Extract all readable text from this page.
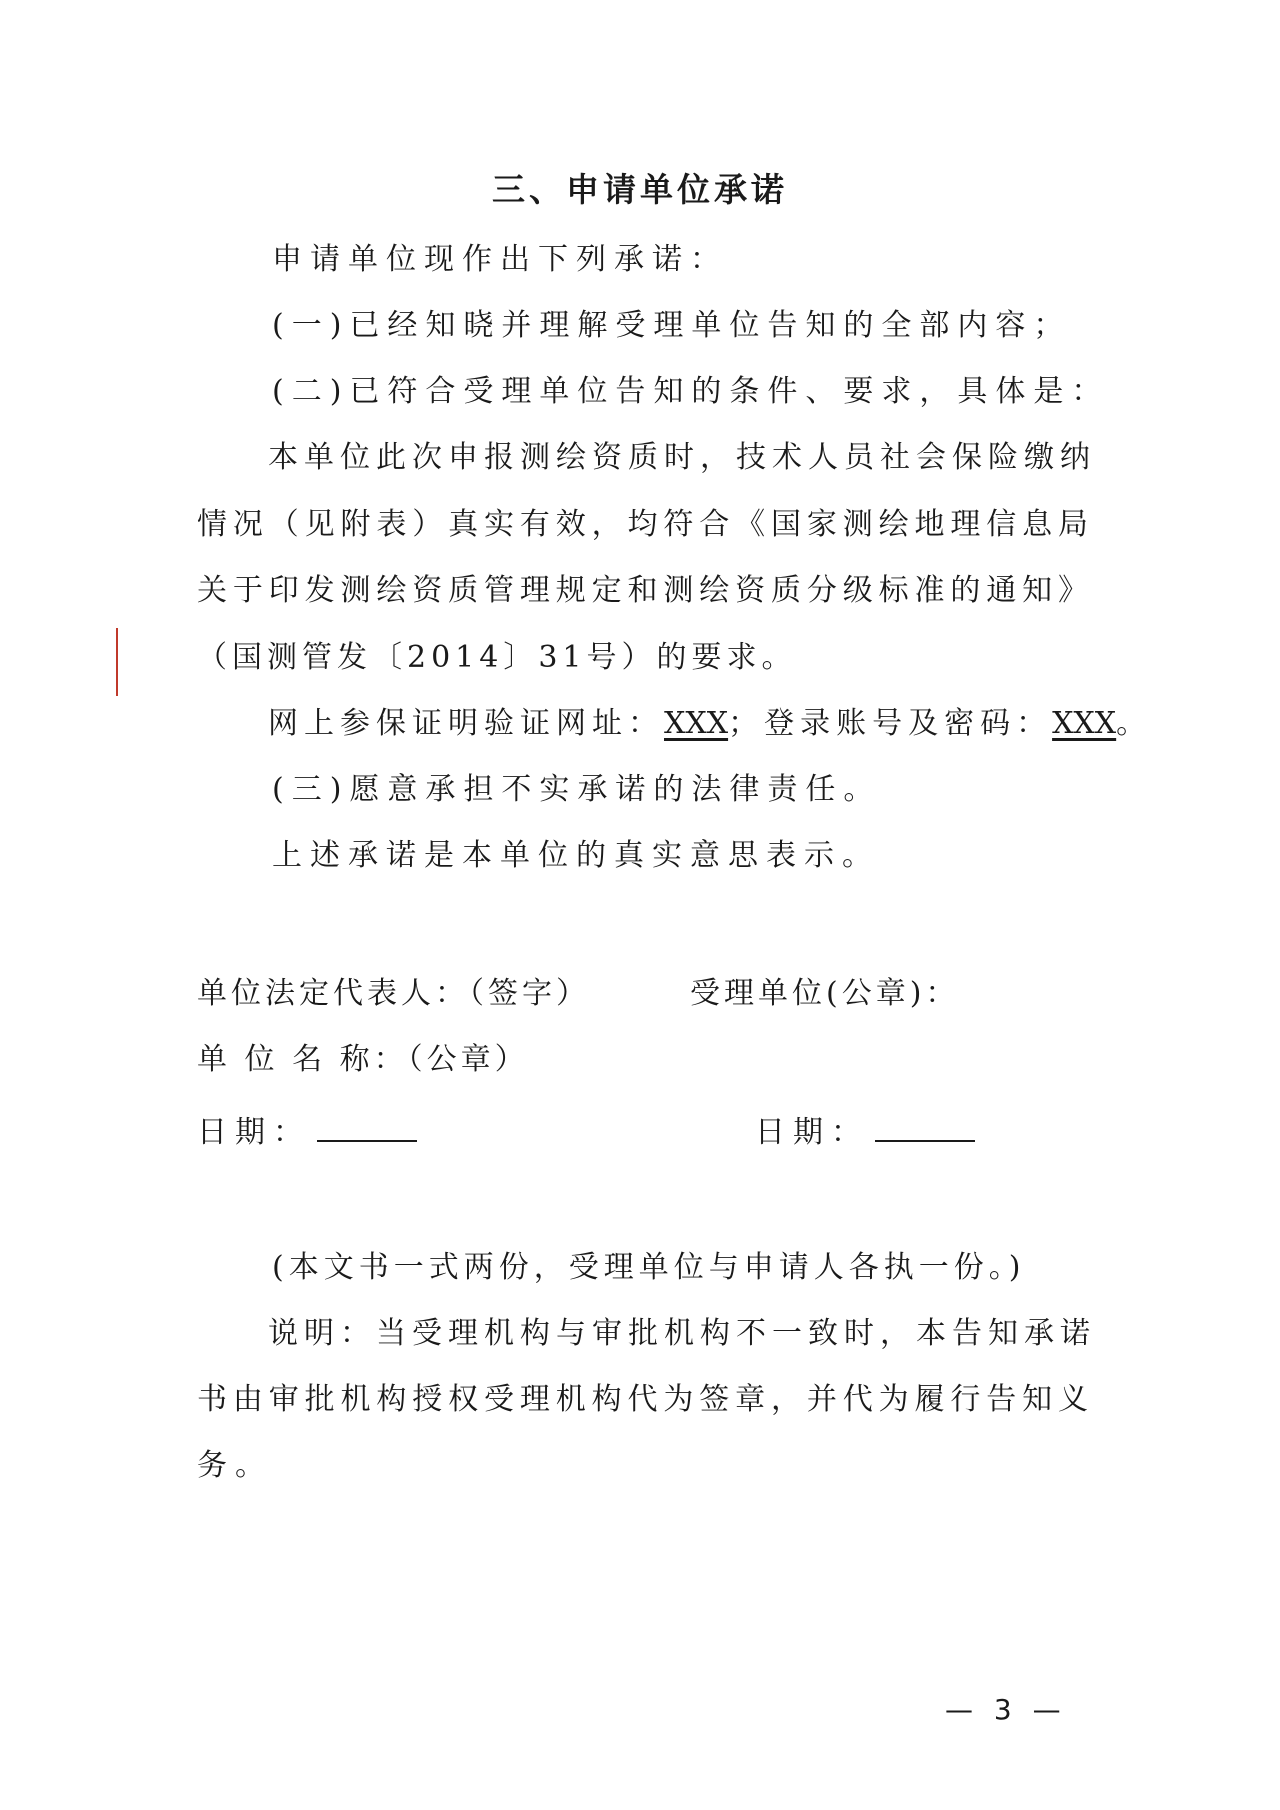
三、申请单位承诺
申请单位现作出下列承诺：
(一)已经知晓并理解受理单位告知的全部内容；
(二)已符合受理单位告知的条件、要求，具体是：
本单位此次申报测绘资质时，技术人员社会保险缴纳
情况（见附表）真实有效，均符合《国家测绘地理信息局
关于印发测绘资质管理规定和测绘资质分级标准的通知》
（国测管发〔2014〕31号）的要求。
网上参保证明验证网址：XXX；登录账号及密码：XXX。
(三)愿意承担不实承诺的法律责任。
上述承诺是本单位的真实意思表示。
单位法定代表人：（签字）	受理单位(公章)：
单 位 名 称：（公章）
日期：	日期：
(本文书一式两份，受理单位与申请人各执一份。)
说明：当受理机构与审批机构不一致时，本告知承诺
书由审批机构授权受理机构代为签章，并代为履行告知义
务。
— 3 —
